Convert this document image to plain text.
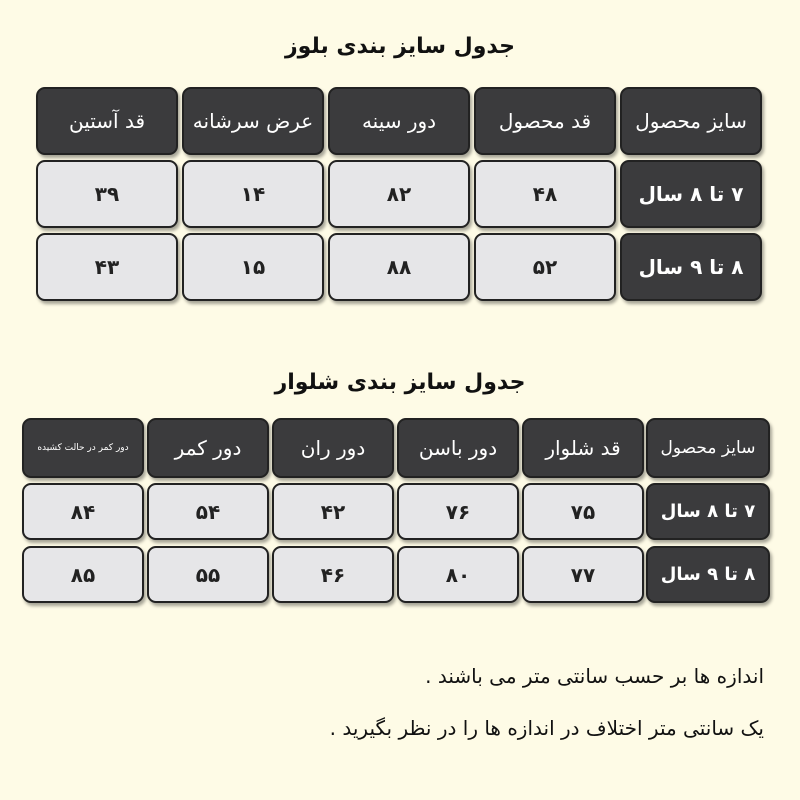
جدول سایز بندی بلوز
سایز محصول
قد محصول
دور سینه
عرض سرشانه
قد آستین
۷ تا ۸ سال
۴۸
۸۲
۱۴
۳۹
۸ تا ۹ سال
۵۲
۸۸
۱۵
۴۳
جدول سایز بندی شلوار
سایز محصول
قد شلوار
دور باسن
دور ران
دور کمر
دور کمر در حالت کشیده
۷ تا ۸ سال
۷۵
۷۶
۴۲
۵۴
۸۴
۸ تا ۹ سال
۷۷
۸۰
۴۶
۵۵
۸۵
اندازه ها بر حسب سانتی متر می باشند .
یک سانتی متر اختلاف در اندازه ها را در نظر بگیرید .
